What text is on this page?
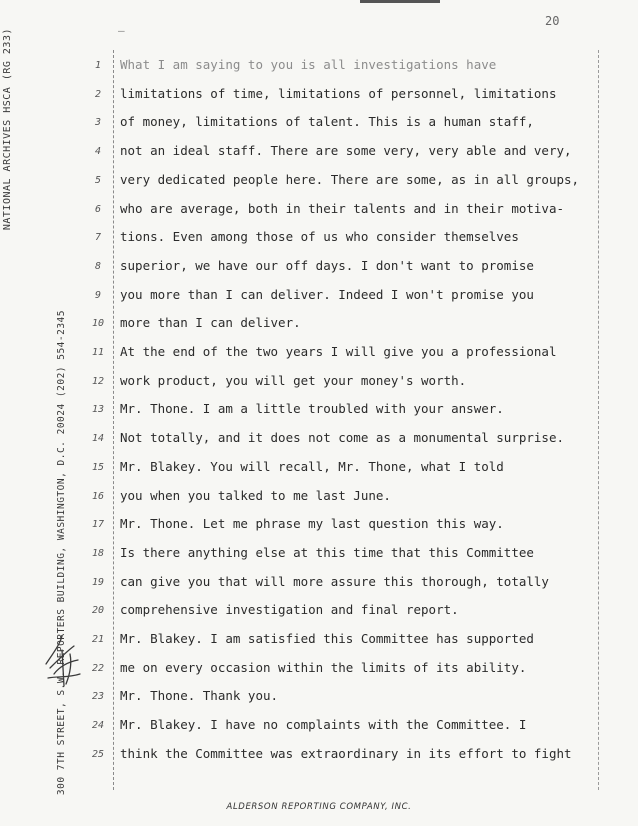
—
20
NATIONAL ARCHIVES HSCA (RG 233)
300 7TH STREET, S.W. REPORTERS BUILDING, WASHINGTON, D.C. 20024 (202) 554-2345
1	What I am saying to you is all investigations have
2	limitations of time, limitations of personnel, limitations
3	of money, limitations of talent. This is a human staff,
4	not an ideal staff. There are some very, very able and very,
5	very dedicated people here. There are some, as in all groups,
6	who are average, both in their talents and in their motiva-
7	tions. Even among those of us who consider themselves
8	superior, we have our off days. I don't want to promise
9	you more than I can deliver. Indeed I won't promise you
10	more than I can deliver.
11	At the end of the two years I will give you a professional
12	work product, you will get your money's worth.
13	Mr. Thone. I am a little troubled with your answer.
14	Not totally, and it does not come as a monumental surprise.
15	Mr. Blakey. You will recall, Mr. Thone, what I told
16	you when you talked to me last June.
17	Mr. Thone. Let me phrase my last question this way.
18	Is there anything else at this time that this Committee
19	can give you that will more assure this thorough, totally
20	comprehensive investigation and final report.
21	Mr. Blakey. I am satisfied this Committee has supported
22	me on every occasion within the limits of its ability.
23	Mr. Thone. Thank you.
24	Mr. Blakey. I have no complaints with the Committee. I
25	think the Committee was extraordinary in its effort to fight
ALDERSON REPORTING COMPANY, INC.
